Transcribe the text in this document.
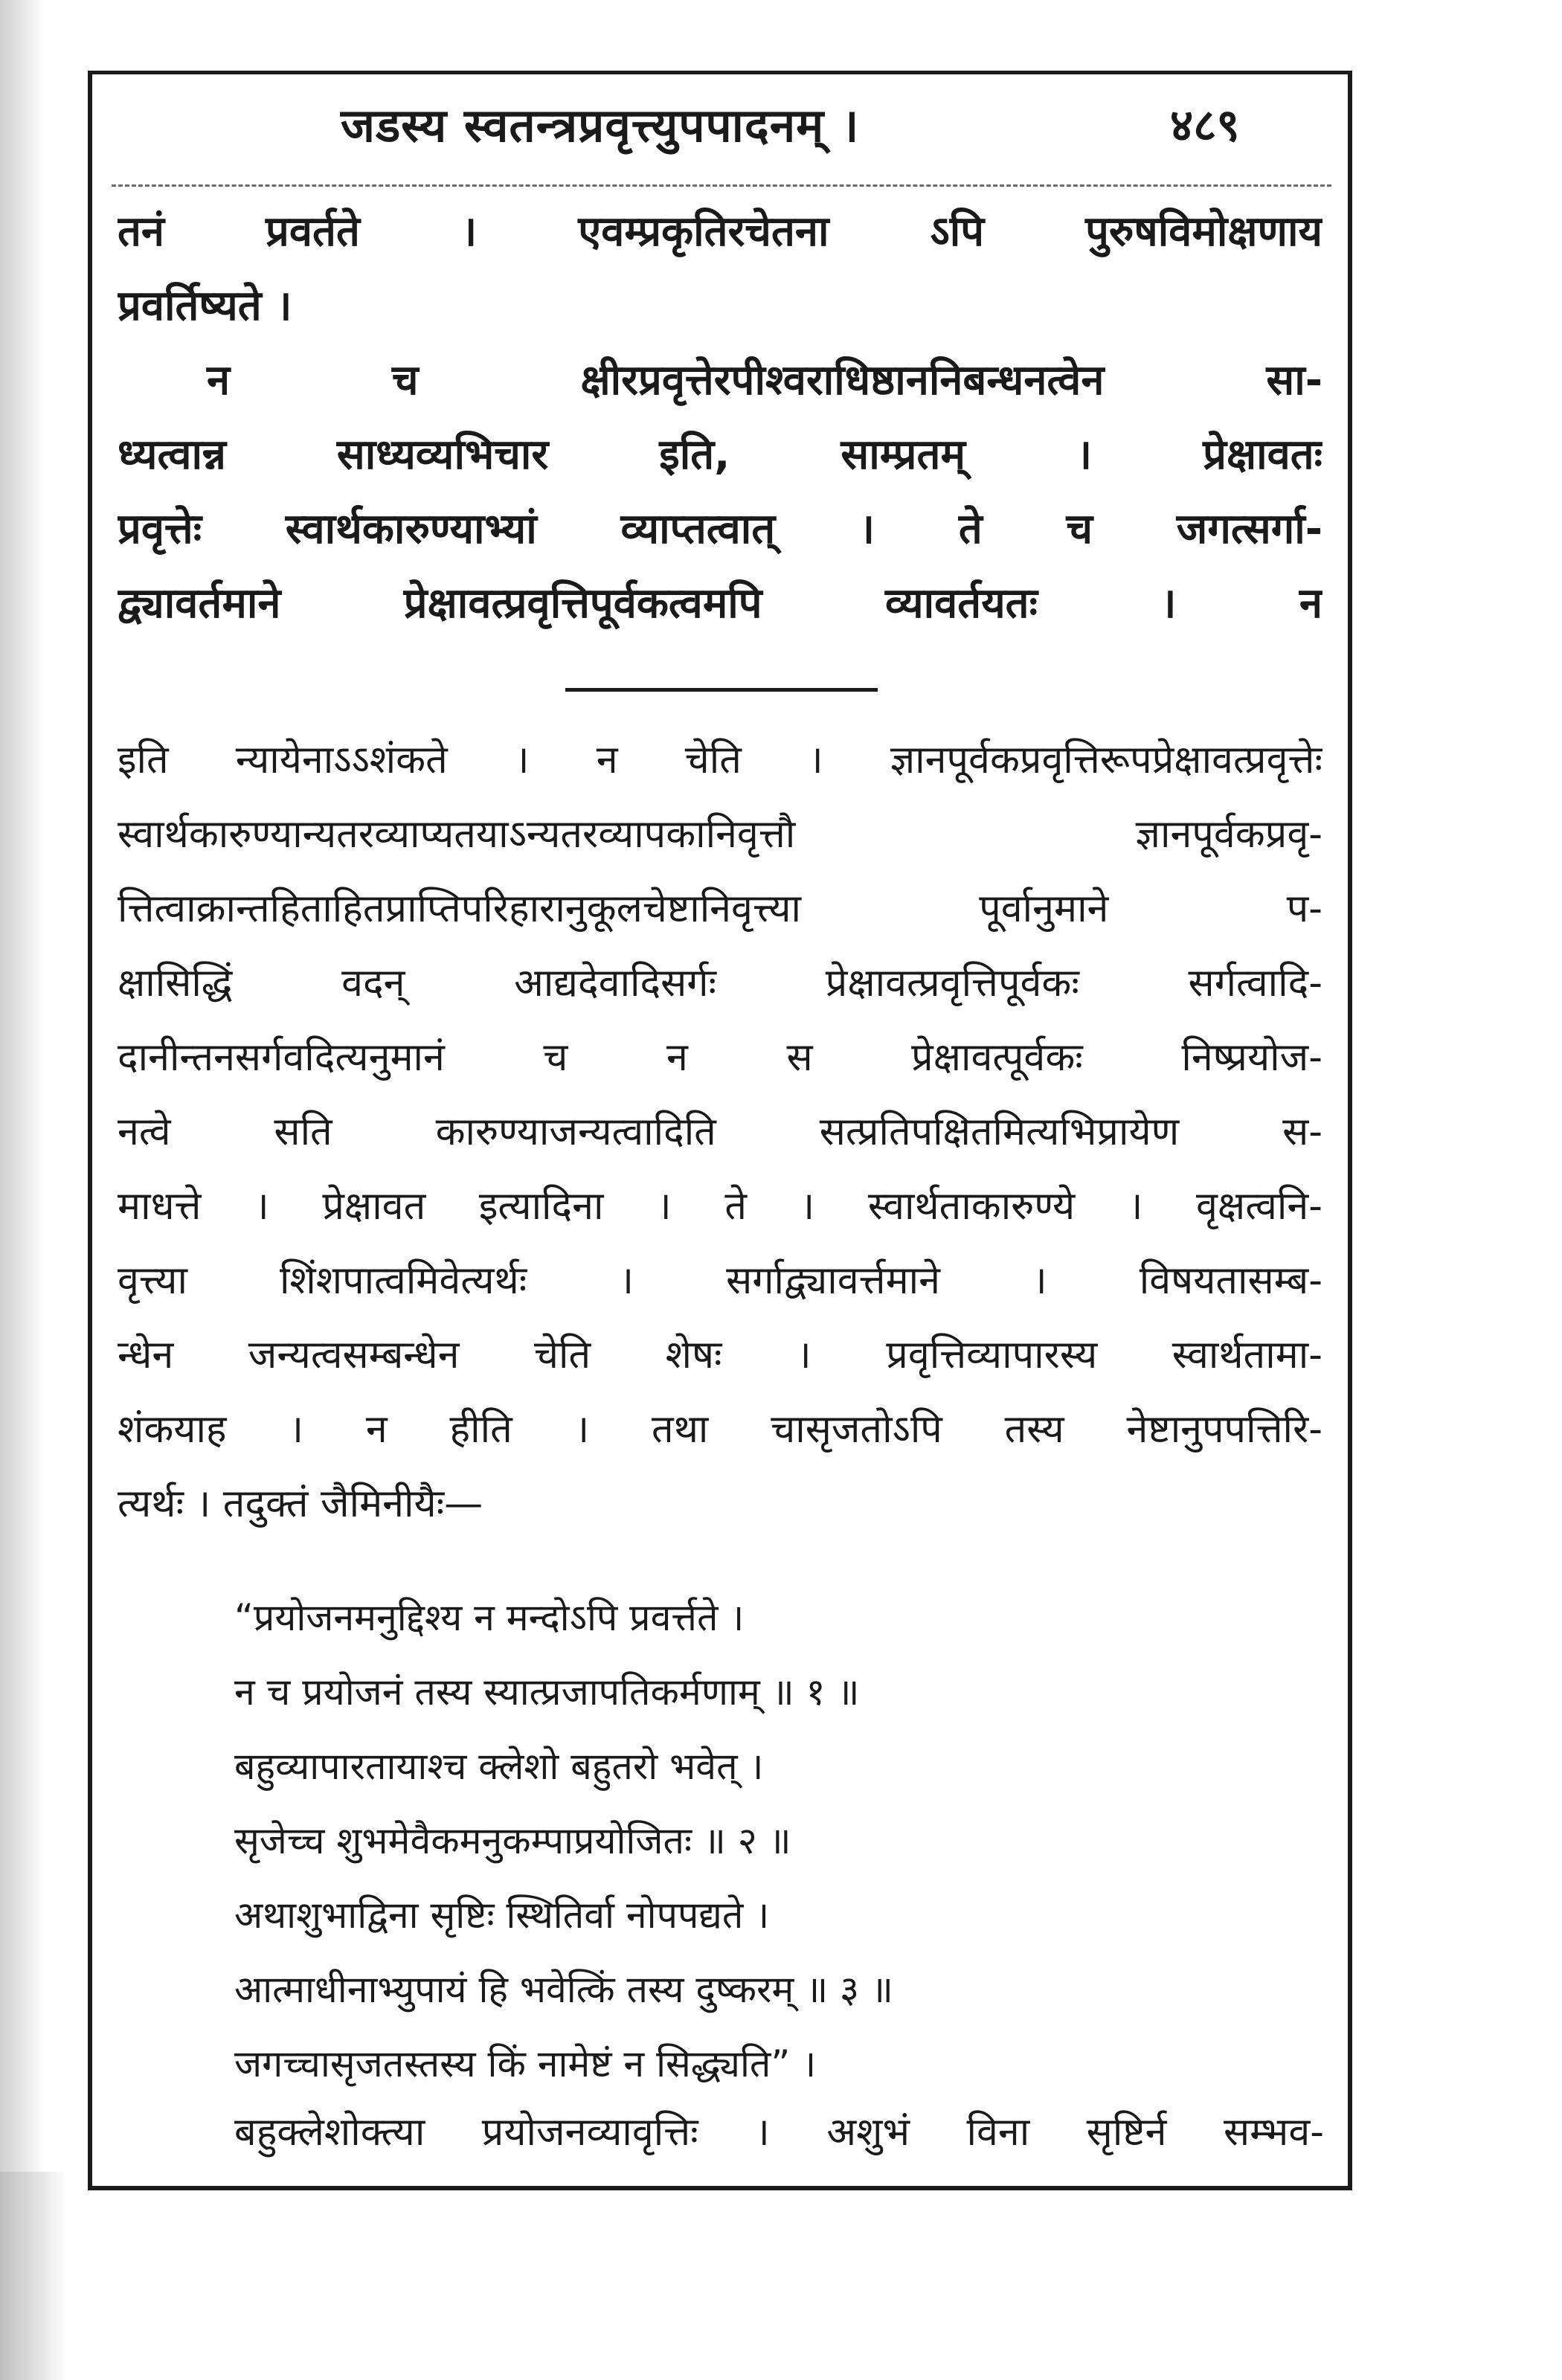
जडस्य स्वतन्त्रप्रवृत्त्युपपादनम् ।	४८९
तनं प्रवर्तते । एवम्प्रकृतिरचेतना ऽपि पुरुषविमोक्षणाय
प्रवर्तिष्यते ।
न च क्षीरप्रवृत्तेरपीश्वराधिष्ठाननिबन्धनत्वेन सा-
ध्यत्वान्न साध्यव्यभिचार इति, साम्प्रतम् । प्रेक्षावतः
प्रवृत्तेः स्वार्थकारुण्याभ्यां व्याप्तत्वात् । ते च जगत्सर्गा-
द्व्यावर्तमाने प्रेक्षावत्प्रवृत्तिपूर्वकत्वमपि व्यावर्तयतः । न
इति न्यायेनाऽऽशंकते । न चेति । ज्ञानपूर्वकप्रवृत्तिरूपप्रेक्षावत्प्रवृत्तेः
स्वार्थकारुण्यान्यतरव्याप्यतयाऽन्यतरव्यापकानिवृत्तौ ज्ञानपूर्वकप्रवृ-
त्तित्वाक्रान्तहिताहितप्राप्तिपरिहारानुकूलचेष्टानिवृत्त्या पूर्वानुमाने प-
क्षासिद्धिं वदन् आद्यदेवादिसर्गः प्रेक्षावत्प्रवृत्तिपूर्वकः सर्गत्वादि-
दानीन्तनसर्गवदित्यनुमानं च न स प्रेक्षावत्पूर्वकः निष्प्रयोज-
नत्वे सति कारुण्याजन्यत्वादिति सत्प्रतिपक्षितमित्यभिप्रायेण स-
माधत्ते । प्रेक्षावत इत्यादिना । ते । स्वार्थताकारुण्ये । वृक्षत्वनि-
वृत्त्या शिंशपात्वमिवेत्यर्थः । सर्गाद्व्यावर्त्तमाने । विषयतासम्ब-
न्धेन जन्यत्वसम्बन्धेन चेति शेषः । प्रवृत्तिव्यापारस्य स्वार्थतामा-
शंकयाह । न हीति । तथा चासृजतोऽपि तस्य नेष्टानुपपत्तिरि-
त्यर्थः । तदुक्तं जैमिनीयैः—
“प्रयोजनमनुद्दिश्य न मन्दोऽपि प्रवर्त्तते ।
न च प्रयोजनं तस्य स्यात्प्रजापतिकर्मणाम् ॥ १ ॥
बहुव्यापारतायाश्च क्लेशो बहुतरो भवेत् ।
सृजेच्च शुभमेवैकमनुकम्पाप्रयोजितः ॥ २ ॥
अथाशुभाद्विना सृष्टिः स्थितिर्वा नोपपद्यते ।
आत्माधीनाभ्युपायं हि भवेत्किं तस्य दुष्करम् ॥ ३ ॥
जगच्चासृजतस्तस्य किं नामेष्टं न सिद्ध्यति” ।
बहुक्लेशोक्त्या प्रयोजनव्यावृत्तिः । अशुभं विना सृष्टिर्न सम्भव-
